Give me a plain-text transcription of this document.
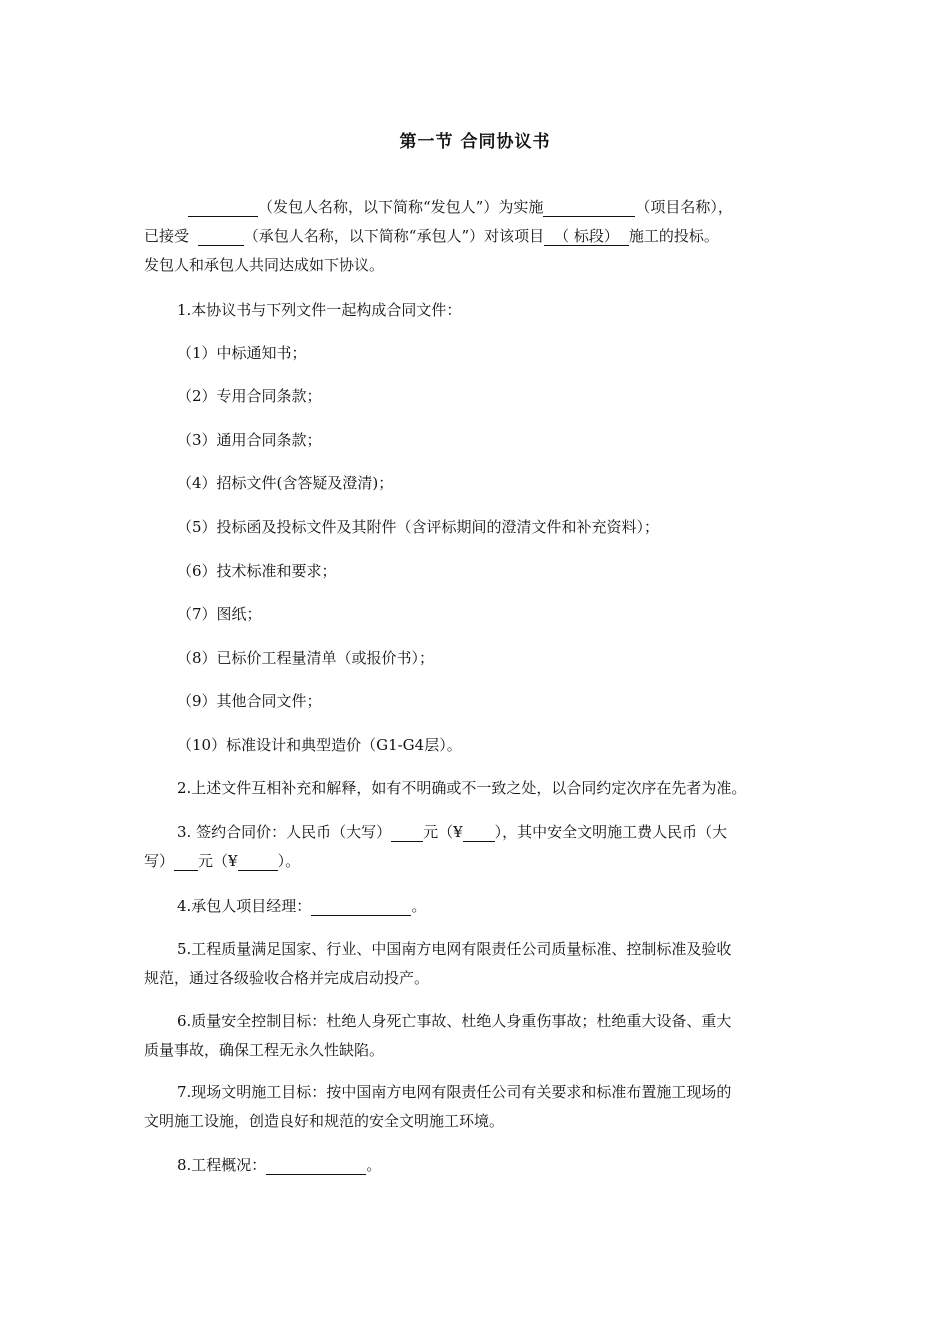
第一节 合同协议书
（发包人名称，以下简称“发包人”）为实施	（项目名称），
已接受	（承包人名称，以下简称“承包人”）对该项目 （ 标段） 施工的投标。
发包人和承包人共同达成如下协议。
1.本协议书与下列文件一起构成合同文件：
（1）中标通知书；
（2）专用合同条款；
（3）通用合同条款；
（4）招标文件(含答疑及澄清)；
（5）投标函及投标文件及其附件（含评标期间的澄清文件和补充资料）；
（6）技术标准和要求；
（7）图纸；
（8）已标价工程量清单（或报价书）；
（9）其他合同文件；
（10）标准设计和典型造价（G1-G4层）。
2.上述文件互相补充和解释，如有不明确或不一致之处，以合同约定次序在先者为准。
3. 签约合同价：人民币（大写） 元（¥ ），其中安全文明施工费人民币（大
写） 元（¥	）。
4.承包人项目经理：	。
5.工程质量满足国家、行业、中国南方电网有限责任公司质量标准、控制标准及验收
规范，通过各级验收合格并完成启动投产。
6.质量安全控制目标：杜绝人身死亡事故、杜绝人身重伤事故；杜绝重大设备、重大
质量事故，确保工程无永久性缺陷。
7.现场文明施工目标：按中国南方电网有限责任公司有关要求和标准布置施工现场的
文明施工设施，创造良好和规范的安全文明施工环境。
8.工程概况：	。
